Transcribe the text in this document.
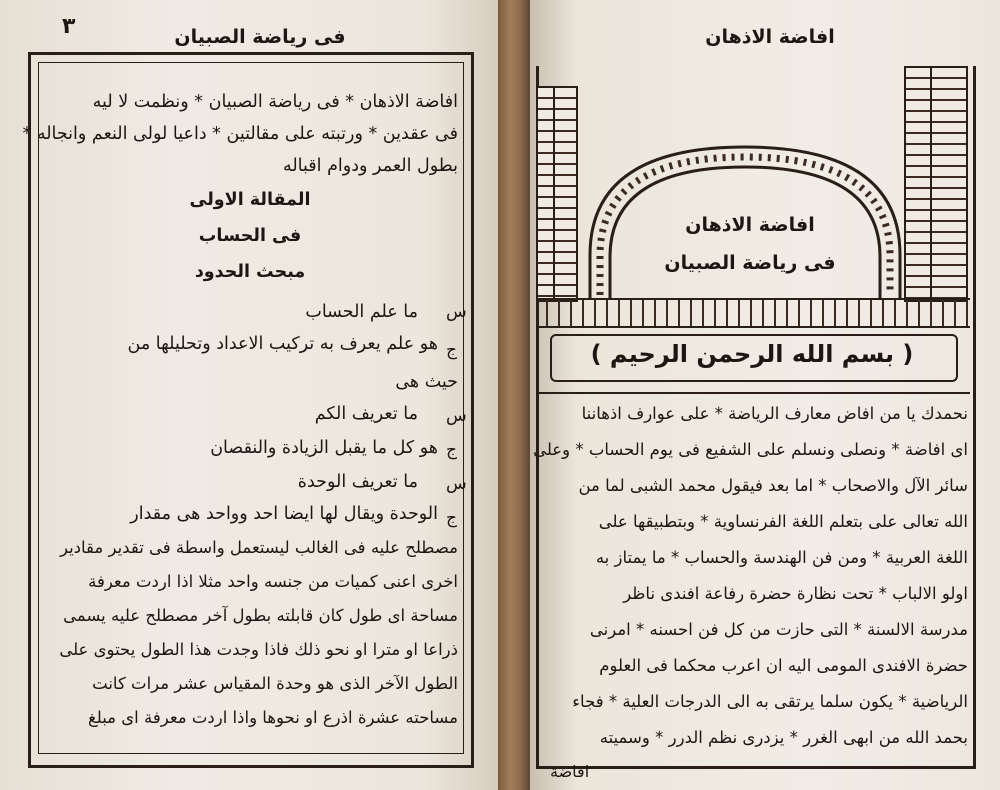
٣	فى رياضة الصبيان
افاضة الاذهان * فى رياضة الصبيان * ونظمت لا ليه
فى عقدين * ورتبته على مقالتين * داعيا لولى النعم وانجاله *
بطول العمر ودوام اقباله
المقالة الاولى
فى الحساب
مبحث الحدود
س
ما علم الحساب
ج
هو علم يعرف به تركيب الاعداد وتحليلها من
حيث هى
س
ما تعريف الكم
ج
هو كل ما يقبل الزيادة والنقصان
س
ما تعريف الوحدة
ج
الوحدة ويقال لها ايضا احد وواحد هى مقدار
مصطلح عليه فى الغالب ليستعمل واسطة فى تقدير مقادير
اخرى اعنى كميات من جنسه واحد مثلا اذا اردت معرفة
مساحة اى طول كان قابلته بطول آخر مصطلح عليه يسمى
ذراعا او مترا او نحو ذلك فاذا وجدت هذا الطول يحتوى على
الطول الآخر الذى هو وحدة المقياس عشر مرات كانت
مساحته عشرة اذرع او نحوها واذا اردت معرفة اى مبلغ
افاضة الاذهان
افاضة الاذهان
فى رياضة الصبيان
( بسم الله الرحمن الرحيم )
نحمدك يا من افاض معارف الرياضة * على عوارف اذهاننا
اى افاضة * ونصلى ونسلم على الشفيع فى يوم الحساب * وعلى
سائر الآل والاصحاب * اما بعد فيقول محمد الشبى لما من
الله تعالى على بتعلم اللغة الفرنساوية * وبتطبيقها على
اللغة العربية * ومن فن الهندسة والحساب * ما يمتاز به
اولو الالباب * تحت نظارة حضرة رفاعة افندى ناظر
مدرسة الالسنة * التى حازت من كل فن احسنه * امرنى
حضرة الافندى المومى اليه ان اعرب محكما فى العلوم
الرياضية * يكون سلما يرتقى به الى الدرجات العلية * فجاء
بحمد الله من ابهى الغرر * يزدرى نظم الدرر * وسميته
افاضة
